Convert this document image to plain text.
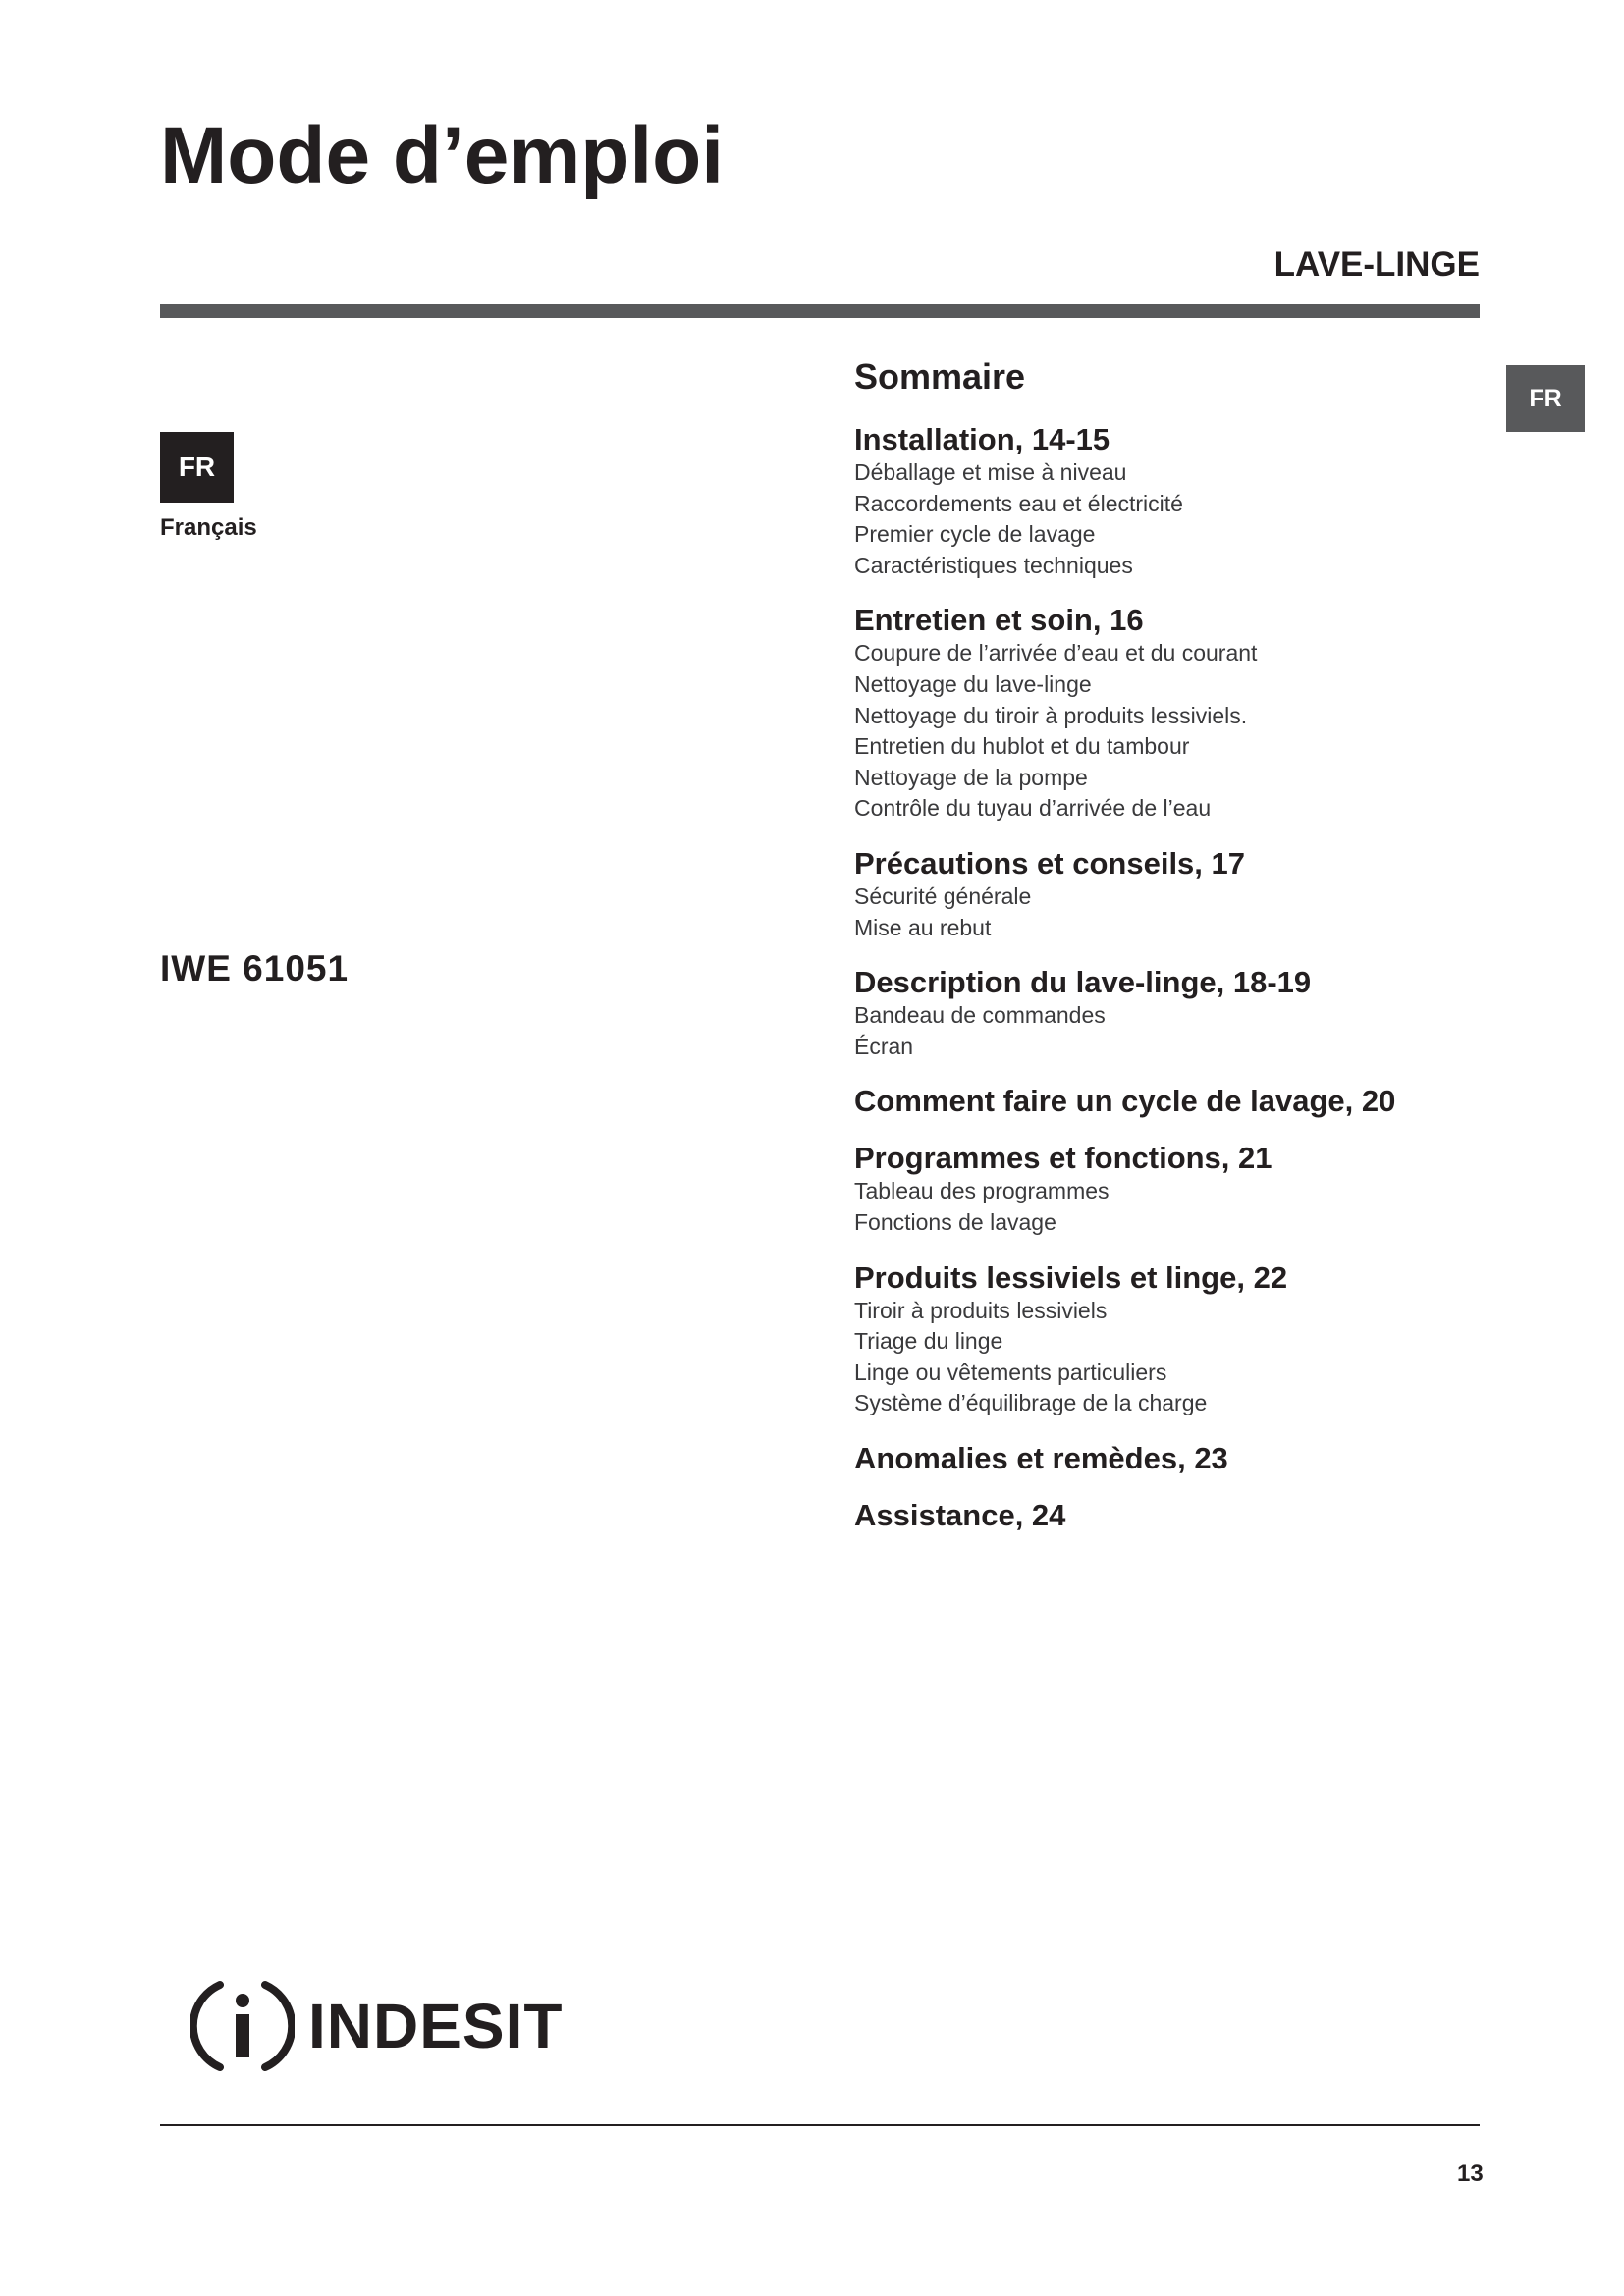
Mode d’emploi
LAVE-LINGE
FR
FR
Français
IWE 61051
Sommaire
Installation, 14-15
Déballage et mise à niveau
Raccordements eau et électricité
Premier cycle de lavage
Caractéristiques techniques
Entretien et soin, 16
Coupure de l’arrivée d’eau et du courant
Nettoyage du lave-linge
Nettoyage du tiroir à produits lessiviels.
Entretien du hublot et du tambour
Nettoyage de la pompe
Contrôle du tuyau d’arrivée de l’eau
Précautions et conseils, 17
Sécurité générale
Mise au rebut
Description du lave-linge, 18-19
Bandeau de commandes
Écran
Comment faire un cycle de lavage, 20
Programmes et fonctions, 21
Tableau des programmes
Fonctions de lavage
Produits lessiviels et linge, 22
Tiroir à produits lessiviels
Triage du linge
Linge ou vêtements particuliers
Système d’équilibrage de la charge
Anomalies et remèdes, 23
Assistance, 24
INDESIT
13
